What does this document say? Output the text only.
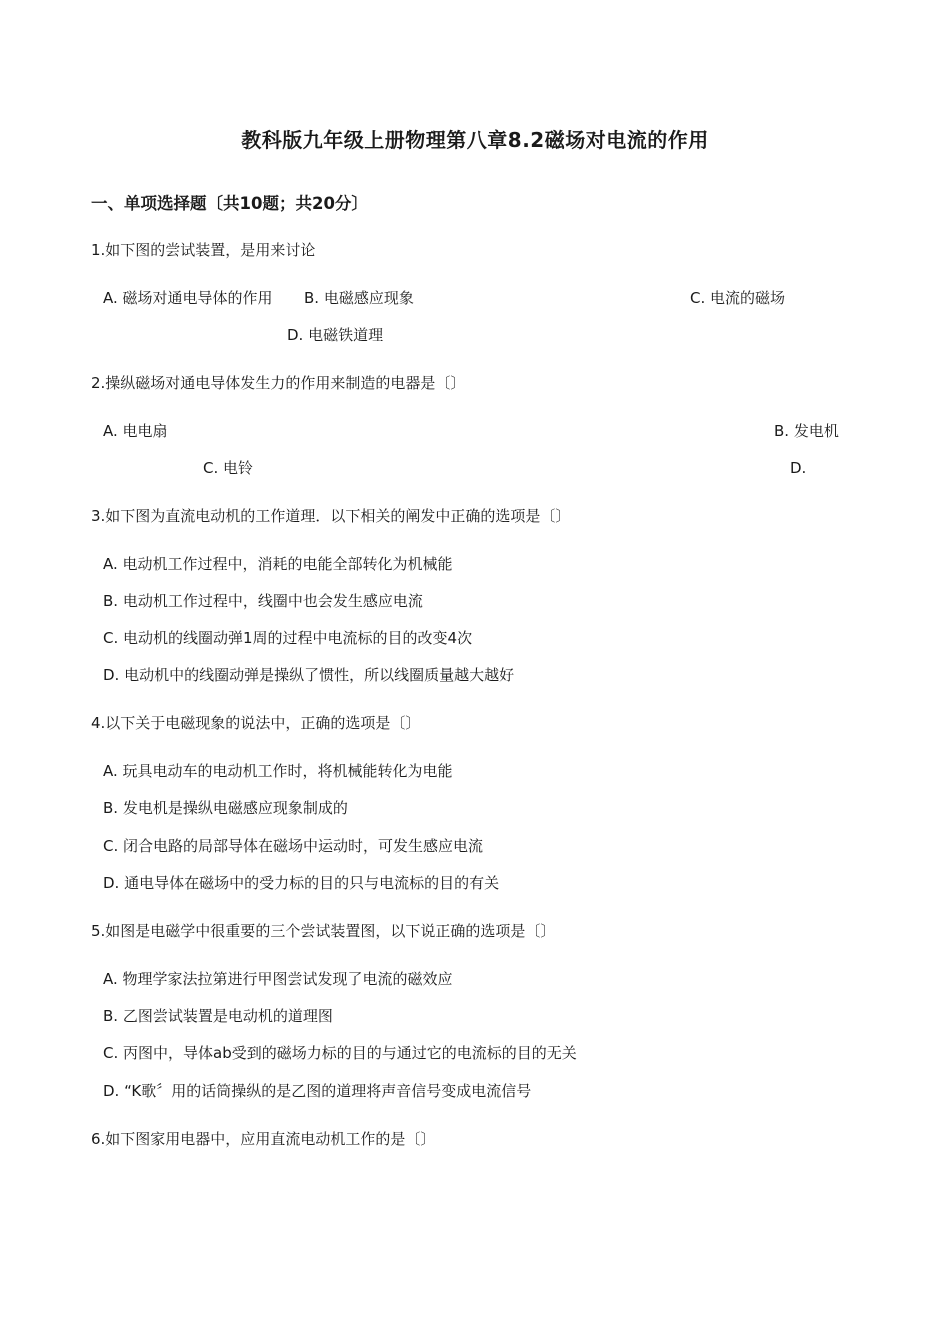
教科版九年级上册物理第八章8.2磁场对电流的作用
一、单项选择题〔共10题；共20分〕
1.如下图的尝试装置，是用来讨论
A. 磁场对通电导体的作用 B. 电磁感应现象	C. 电流的磁场
D. 电磁铁道理
2.操纵磁场对通电导体发生力的作用来制造的电器是〔〕
A. 电电扇	B. 发电机
C. 电铃	D.
3.如下图为直流电动机的工作道理．以下相关的阐发中正确的选项是〔〕
A. 电动机工作过程中，消耗的电能全部转化为机械能
B. 电动机工作过程中，线圈中也会发生感应电流
C. 电动机的线圈动弹1周的过程中电流标的目的改变4次
D. 电动机中的线圈动弹是操纵了惯性，所以线圈质量越大越好
4.以下关于电磁现象的说法中，正确的选项是〔〕
A. 玩具电动车的电动机工作时，将机械能转化为电能
B. 发电机是操纵电磁感应现象制成的
C. 闭合电路的局部导体在磁场中运动时，可发生感应电流
D. 通电导体在磁场中的受力标的目的只与电流标的目的有关
5.如图是电磁学中很重要的三个尝试装置图，以下说正确的选项是〔〕
A. 物理学家法拉第进行甲图尝试发现了电流的磁效应
B. 乙图尝试装置是电动机的道理图
C. 丙图中，导体ab受到的磁场力标的目的与通过它的电流标的目的无关
D. “K歌〞用的话筒操纵的是乙图的道理将声音信号变成电流信号
6.如下图家用电器中，应用直流电动机工作的是〔〕
